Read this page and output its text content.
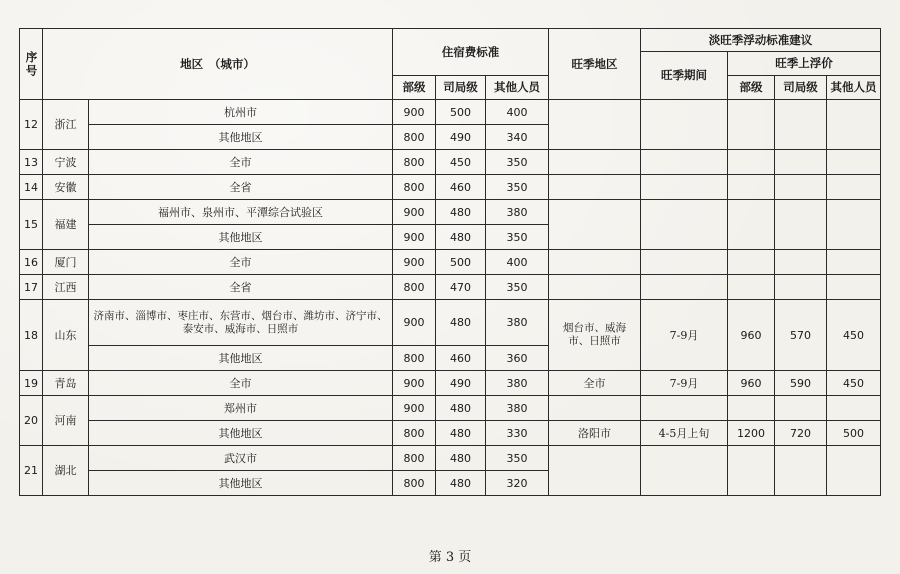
序号	地区　（城市）		住宿费标准			旺季地区	淡旺季浮动标准建议			
							旺季期间	旺季上浮价		
			部级	司局级	其他人员			部级	司局级	其他人员
12	浙江	杭州市	900	500	400					
		其他地区	800	490	340					
13	宁波	全市	800	450	350					
14	安徽	全省	800	460	350					
15	福建	福州市、泉州市、平潭综合试验区	900	480	380					
		其他地区	900	480	350					
16	厦门	全市	900	500	400					
17	江西	全省	800	470	350					
18	山东	济南市、淄博市、枣庄市、东营市、烟台市、潍坊市、济宁市、泰安市、威海市、日照市	900	480	380	烟台市、威海市、日照市	7-9月	960	570	450
		其他地区	800	460	360					
19	青岛	全市	900	490	380	全市	7-9月	960	590	450
20	河南	郑州市	900	480	380					
		其他地区	800	480	330	洛阳市	4-5月上旬	1200	720	500
21	湖北	武汉市	800	480	350					
		其他地区	800	480	320					
第 3 页
